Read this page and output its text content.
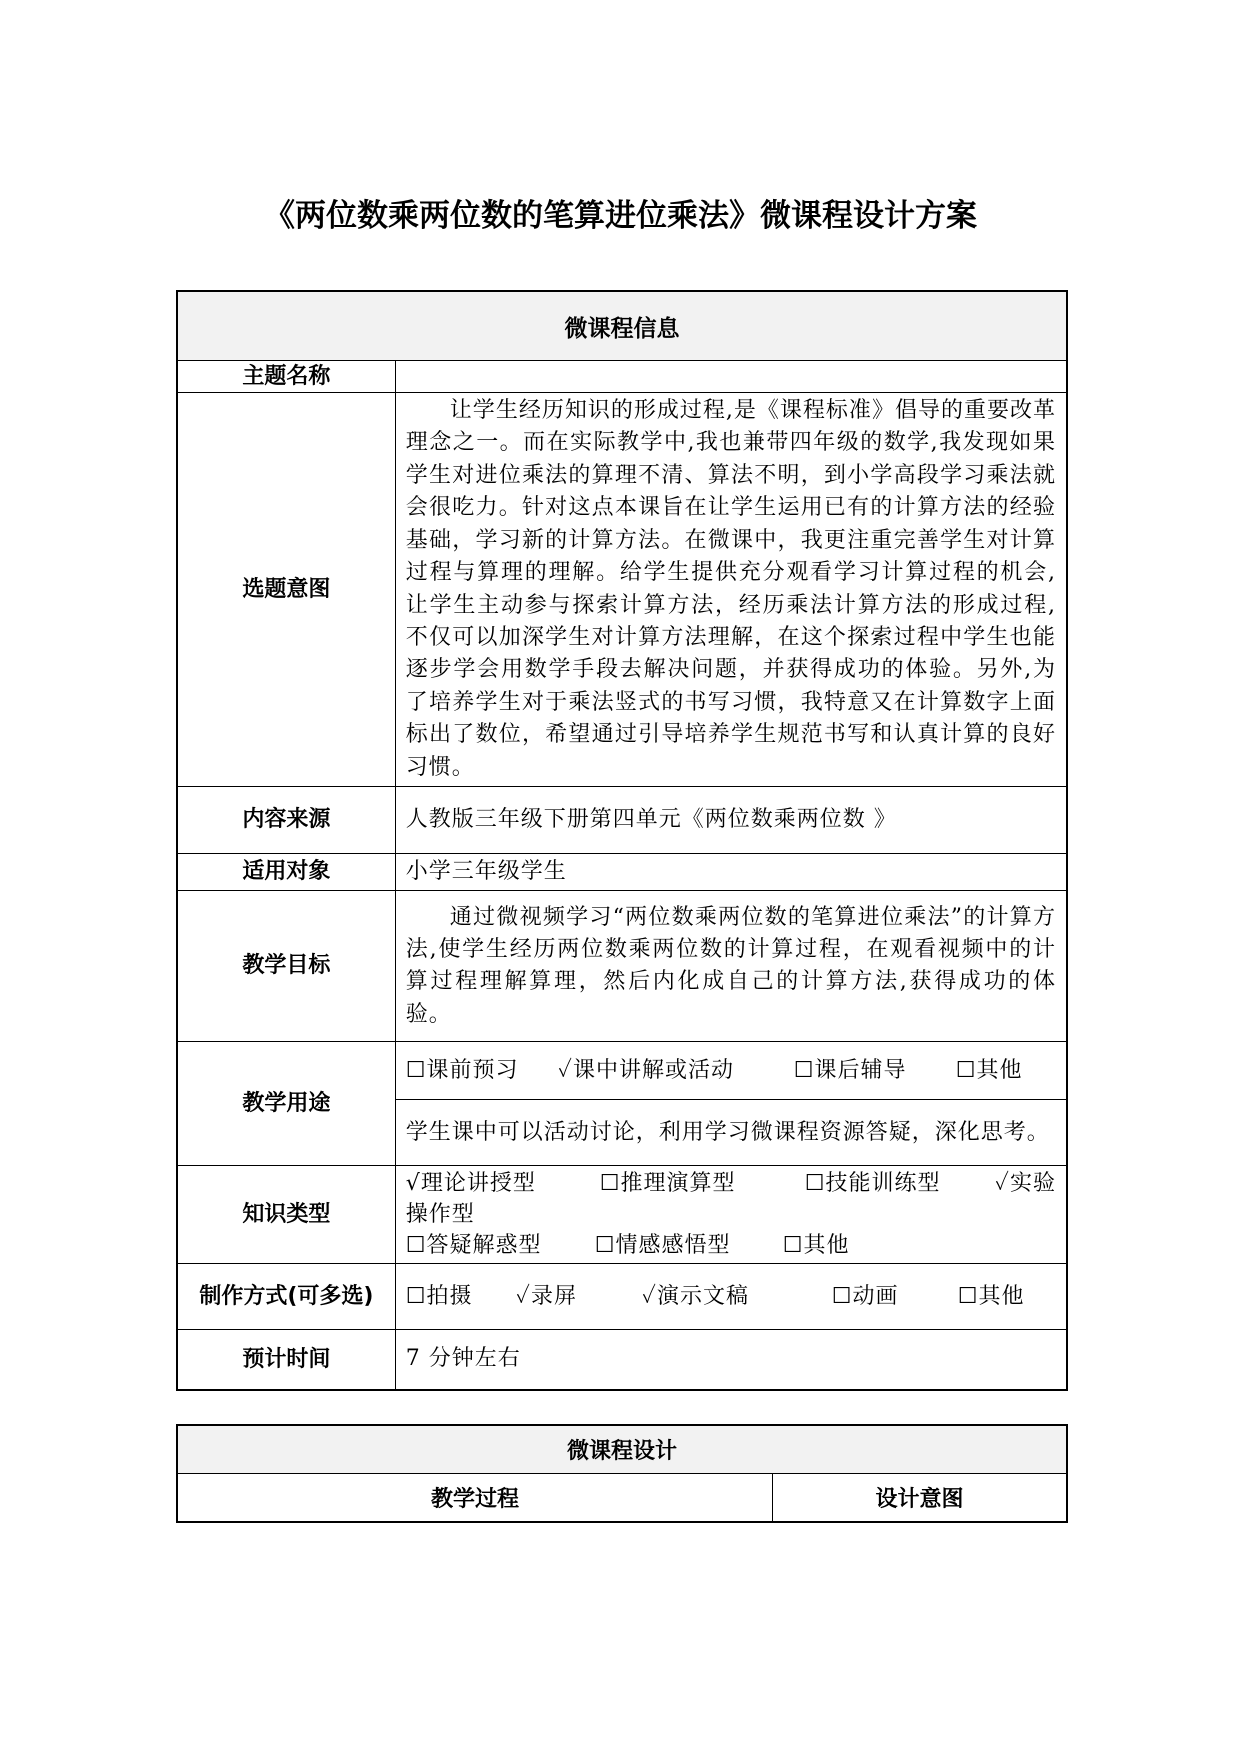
《两位数乘两位数的笔算进位乘法》微课程设计方案
微课程信息	
主题名称	
选题意图	让学生经历知识的形成过程,是《课程标准》倡导的重要改革理念之一。而在实际教学中,我也兼带四年级的数学,我发现如果学生对进位乘法的算理不清、算法不明，到小学高段学习乘法就会很吃力。针对这点本课旨在让学生运用已有的计算方法的经验基础，学习新的计算方法。在微课中，我更注重完善学生对计算过程与算理的理解。给学生提供充分观看学习计算过程的机会,让学生主动参与探索计算方法，经历乘法计算方法的形成过程,不仅可以加深学生对计算方法理解，在这个探索过程中学生也能逐步学会用数学手段去解决问题，并获得成功的体验。另外,为了培养学生对于乘法竖式的书写习惯，我特意又在计算数字上面标出了数位，希望通过引导培养学生规范书写和认真计算的良好习惯。

内容来源	人教版三年级下册第四单元《两位数乘两位数 》
适用对象	小学三年级学生
教学目标	通过微视频学习“两位数乘两位数的笔算进位乘法”的计算方法,使学生经历两位数乘两位数的计算过程，在观看视频中的计算过程理解算理，然后内化成自己的计算方法,获得成功的体验。

教学用途	☐课前预习 ✓课中讲解或活动 ☐课后辅导 ☐其他
	学生课中可以活动讨论，利用学习微课程资源答疑，深化思考。
知识类型	√理论讲授型 ☐推理演算型 ☐技能训练型 ✓实验
操作型
☐答疑解惑型 ☐情感感悟型 ☐其他

制作方式(可多选)	☐拍摄 ✓录屏 ✓演示文稿 ☐动画 ☐其他
预计时间	7 分钟左右
微课程设计
教学过程	设计意图
